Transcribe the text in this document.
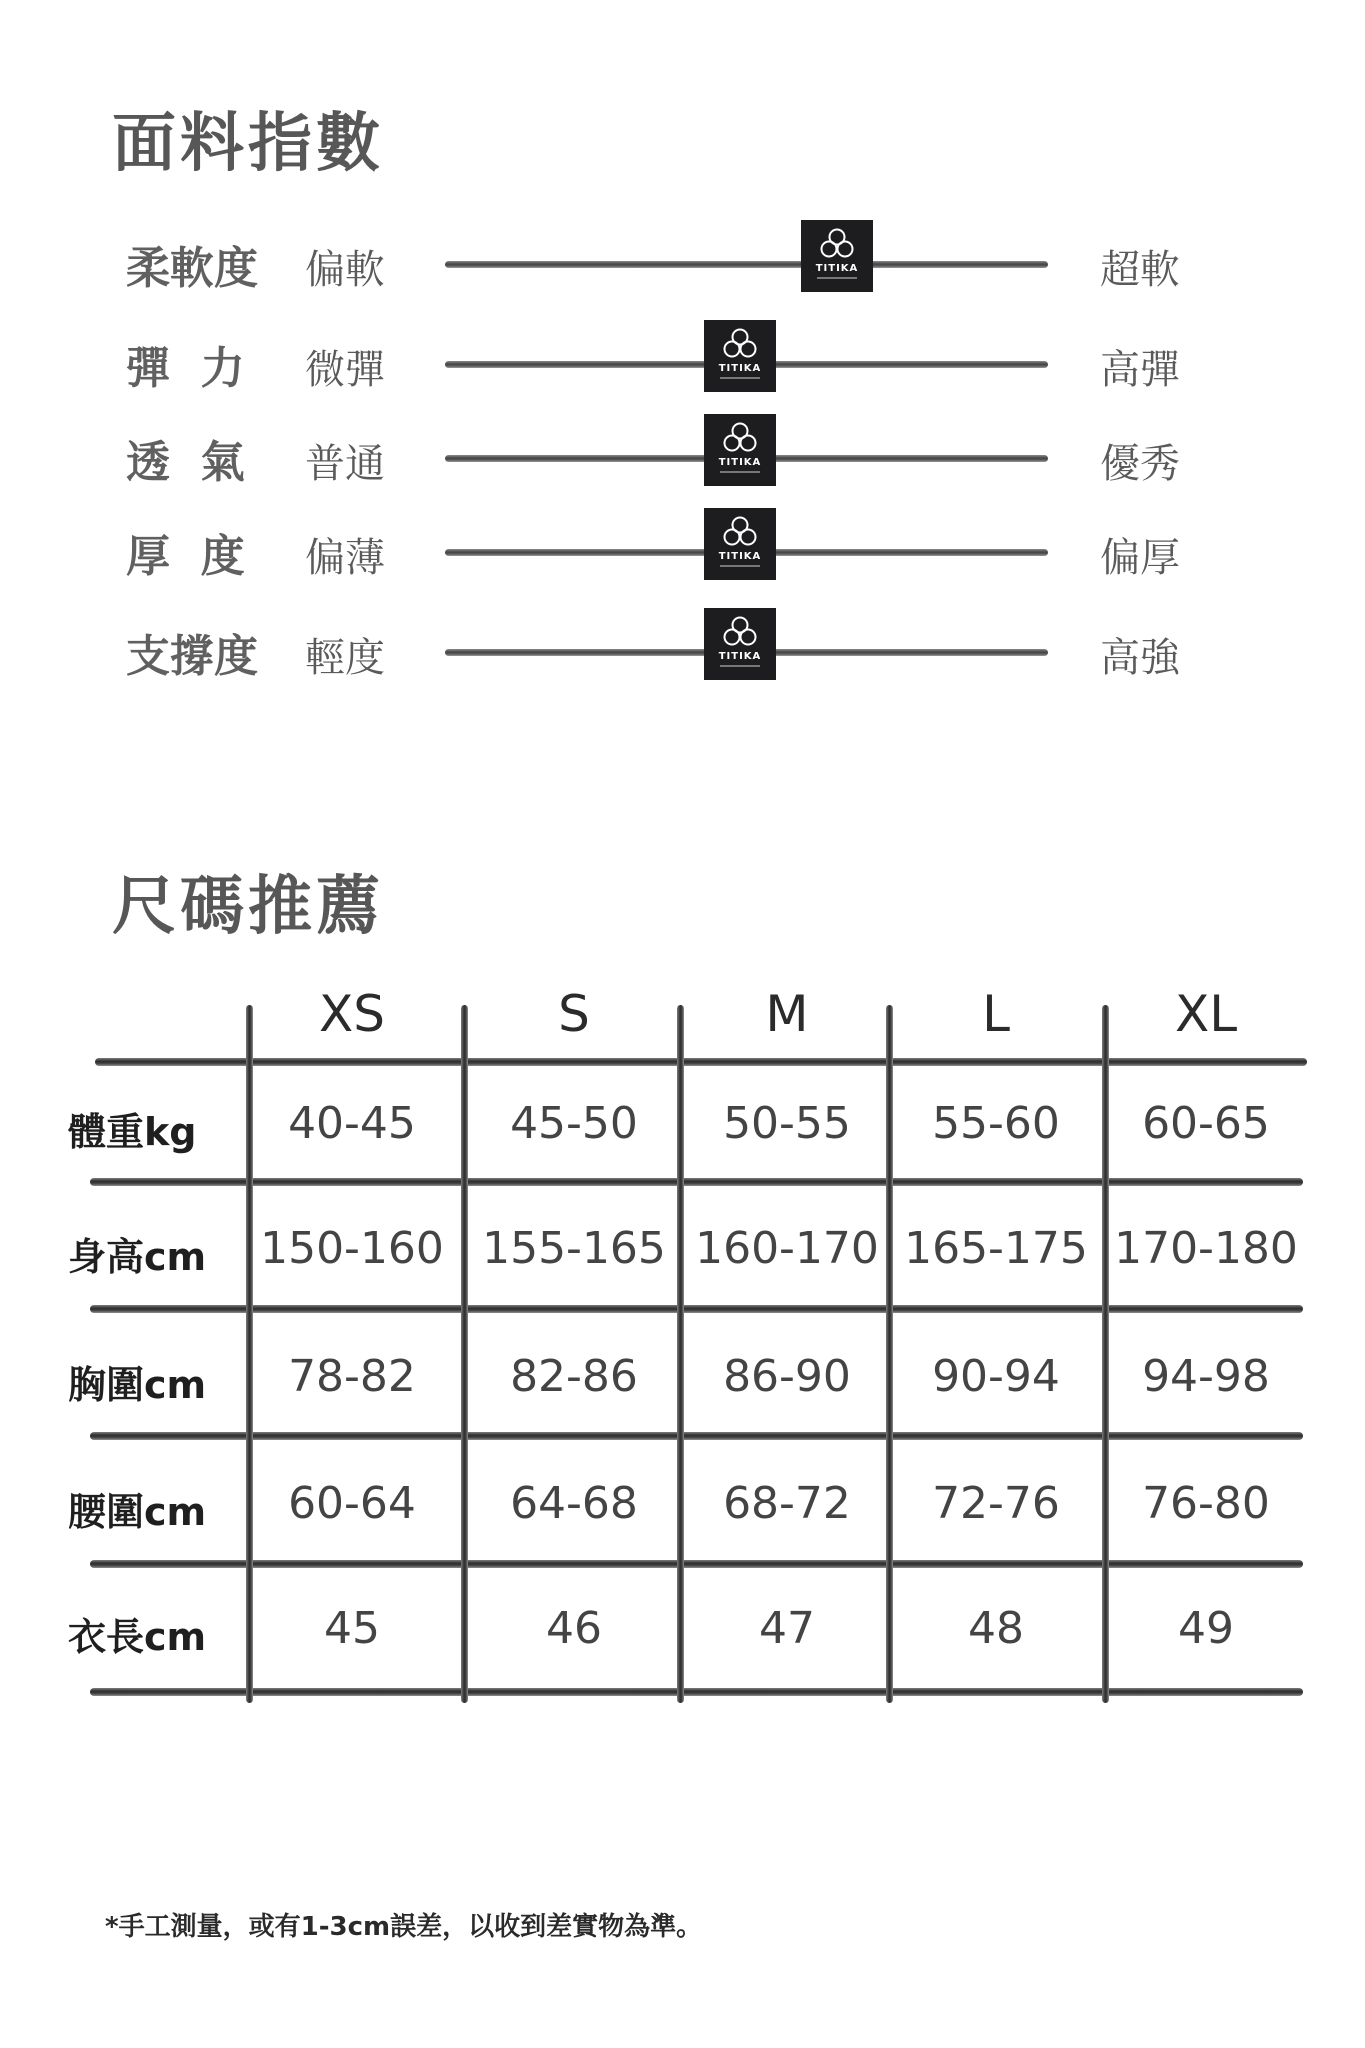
面料指數
柔軟度 偏軟	TITIKA	超軟
彈  力 微彈	TITIKA	高彈
透  氣 普通	TITIKA	優秀
厚  度 偏薄	TITIKA	偏厚
支撐度 輕度	TITIKA	高強
尺碼推薦
XS	S	M	L	XL
體重kg	40-45	45-50	50-55	55-60	60-65
身高cm 150-160 155-165 160-170 165-175 170-180
胸圍cm	78-82	82-86	86-90	90-94	94-98
腰圍cm	60-64	64-68	68-72	72-76	76-80
衣長cm	45	46	47	48	49
*手工測量，或有1-3cm誤差，以收到差實物為準。
